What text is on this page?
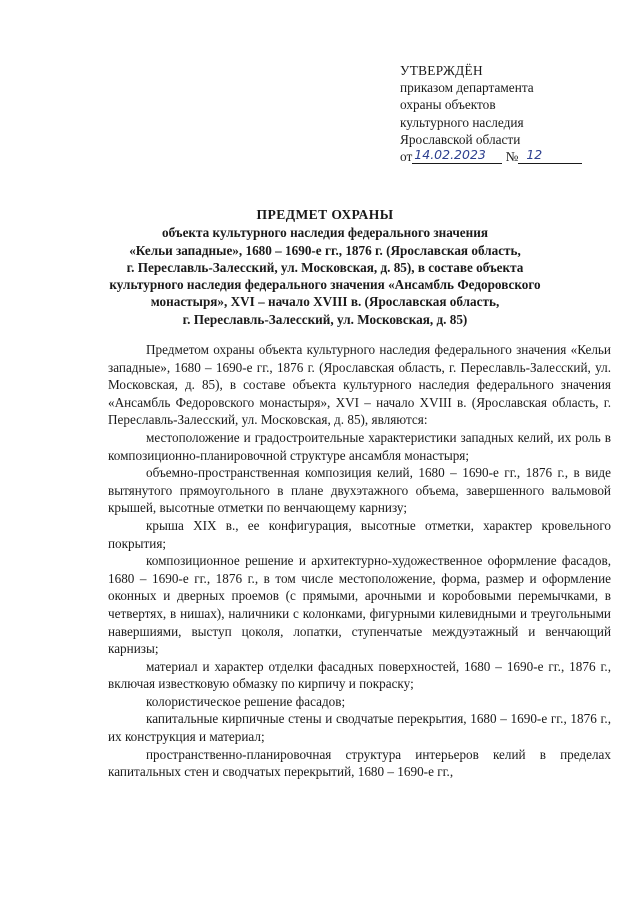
УТВЕРЖДЁН
приказом департамента
охраны объектов
культурного наследия
Ярославской области
от 14.02.2023 № 12
ПРЕДМЕТ ОХРАНЫ
объекта культурного наследия федерального значения
«Кельи западные», 1680 – 1690-е гг., 1876 г. (Ярославская область,
г. Переславль-Залесский, ул. Московская, д. 85), в составе объекта
культурного наследия федерального значения «Ансамбль Федоровского
монастыря», XVI – начало XVIII в. (Ярославская область,
г. Переславль-Залесский, ул. Московская, д. 85)

Предметом охраны объекта культурного наследия федерального значения «Кельи западные», 1680 – 1690-е гг., 1876 г. (Ярославская область, г. Переславль-Залесский, ул. Московская, д. 85), в составе объекта культурного наследия федерального значения «Ансамбль Федоровского монастыря», XVI – начало XVIII в. (Ярославская область, г. Переславль-Залесский, ул. Московская, д. 85), являются:

местоположение и градостроительные характеристики западных келий, их роль в композиционно-планировочной структуре ансамбля монастыря;
объемно-пространственная композиция келий, 1680 – 1690-е гг., 1876 г., в виде вытянутого прямоугольного в плане двухэтажного объема, завершенного вальмовой крышей, высотные отметки по венчающему карнизу;
крыша XIX в., ее конфигурация, высотные отметки, характер кровельного покрытия;
композиционное решение и архитектурно-художественное оформление фасадов, 1680 – 1690-е гг., 1876 г., в том числе местоположение, форма, размер и оформление оконных и дверных проемов (с прямыми, арочными и коробовыми перемычками, в четвертях, в нишах), наличники с колонками, фигурными килевидными и треугольными навершиями, выступ цоколя, лопатки, ступенчатые междуэтажный и венчающий карнизы;
материал и характер отделки фасадных поверхностей, 1680 – 1690-е гг., 1876 г., включая известковую обмазку по кирпичу и покраску;
колористическое решение фасадов;
капитальные кирпичные стены и сводчатые перекрытия, 1680 – 1690-е гг., 1876 г., их конструкция и материал;
пространственно-планировочная структура интерьеров келий в пределах капитальных стен и сводчатых перекрытий, 1680 – 1690-е гг.,
